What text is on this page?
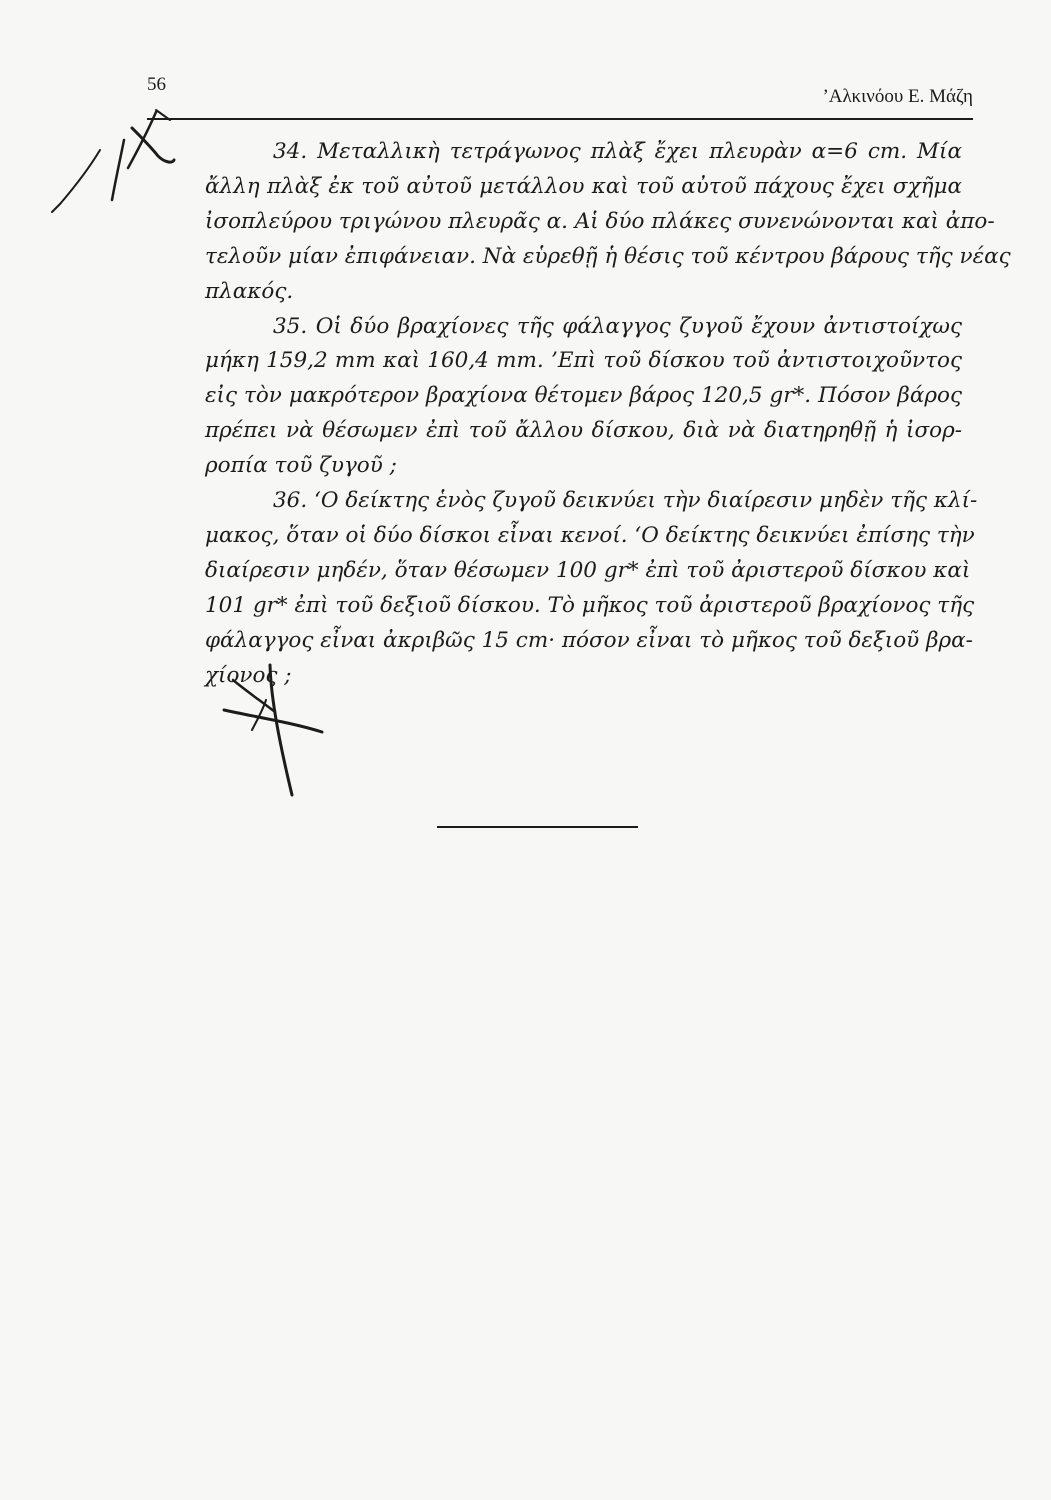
56
’Αλκινόου Ε. Μάζη
34. Μεταλλικὴ τετράγωνος πλὰξ ἔχει πλευρὰν α=6 cm. Μία
ἄλλη πλὰξ ἐκ τοῦ αὐτοῦ μετάλλου καὶ τοῦ αὐτοῦ πάχους ἔχει σχῆμα
ἰσοπλεύρου τριγώνου πλευρᾶς α. Αἱ δύο πλάκες συνενώνονται καὶ ἀπο-
τελοῦν μίαν ἐπιφάνειαν. Νὰ εὑρεθῇ ἡ θέσις τοῦ κέντρου βάρους τῆς νέας
πλακός.
35. Οἱ δύο βραχίονες τῆς φάλαγγος ζυγοῦ ἔχουν ἀντιστοίχως
μήκη 159,2 mm καὶ 160,4 mm. ’Επὶ τοῦ δίσκου τοῦ ἀντιστοιχοῦντος
εἰς τὸν μακρότερον βραχίονα θέτομεν βάρος 120,5 gr*. Πόσον βάρος
πρέπει νὰ θέσωμεν ἐπὶ τοῦ ἄλλου δίσκου, διὰ νὰ διατηρηθῇ ἡ ἰσορ-
ροπία τοῦ ζυγοῦ ;
36. ‘Ο δείκτης ἑνὸς ζυγοῦ δεικνύει τὴν διαίρεσιν μηδὲν τῆς κλί-
μακος, ὅταν οἱ δύο δίσκοι εἶναι κενοί. ‘Ο δείκτης δεικνύει ἐπίσης τὴν
διαίρεσιν μηδέν, ὅταν θέσωμεν 100 gr* ἐπὶ τοῦ ἀριστεροῦ δίσκου καὶ
101 gr* ἐπὶ τοῦ δεξιοῦ δίσκου. Τὸ μῆκος τοῦ ἀριστεροῦ βραχίονος τῆς
φάλαγγος εἶναι ἀκριβῶς 15 cm· πόσον εἶναι τὸ μῆκος τοῦ δεξιοῦ βρα-
χίονος ;
